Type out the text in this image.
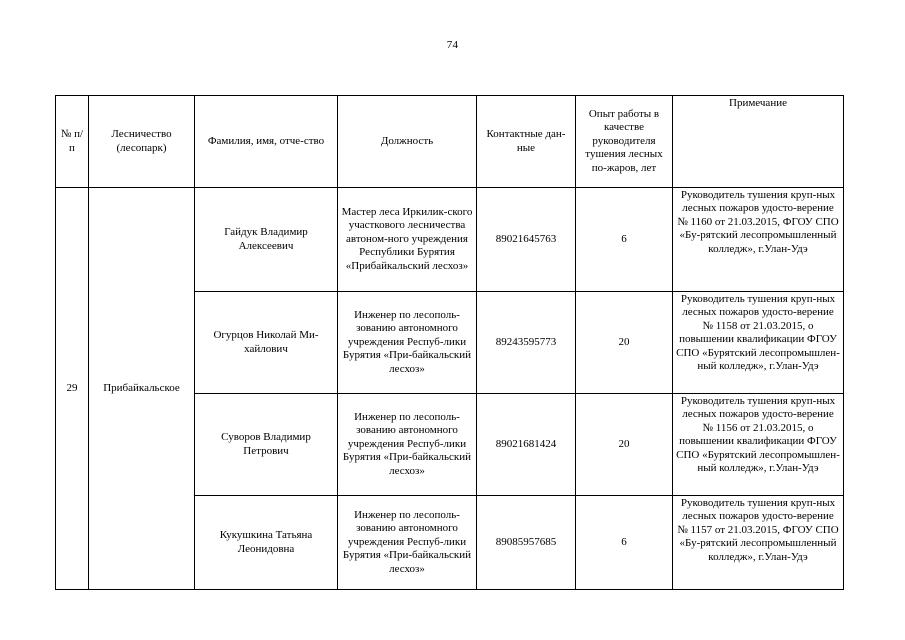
74
№ п/п	Лесничество (лесопарк)	Фамилия, имя, отче-ство	Должность	Контактные дан-ные	Опыт работы в качестве руководителя тушения лесных по-жаров, лет	Примечание
29	Прибайкальское	Гайдук Владимир Алексеевич	Мастер леса Иркилик-ского участкового лесничества автоном-ного учреждения Республики Бурятия «Прибайкальский лесхоз»	89021645763	6	Руководитель тушения круп-ных лесных пожаров удосто-верение № 1160 от 21.03.2015, ФГОУ СПО «Бу-рятский лесопромышленный колледж», г.Улан-Удэ
		Огурцов Николай Ми-хайлович	Инженер по лесополь-зованию автономного учреждения Респуб-лики Бурятия «При-байкальский лесхоз»	89243595773	20	Руководитель тушения круп-ных лесных пожаров удосто-верение № 1158 от 21.03.2015, о повышении квалификации ФГОУ СПО «Бурятский лесопромышлен-ный колледж», г.Улан-Удэ
		Суворов Владимир Петрович	Инженер по лесополь-зованию автономного учреждения Респуб-лики Бурятия «При-байкальский лесхоз»	89021681424	20	Руководитель тушения круп-ных лесных пожаров удосто-верение № 1156 от 21.03.2015, о повышении квалификации ФГОУ СПО «Бурятский лесопромышлен-ный колледж», г.Улан-Удэ
		Кукушкина Татьяна Леонидовна	Инженер по лесополь-зованию автономного учреждения Респуб-лики Бурятия «При-байкальский лесхоз»	89085957685	6	Руководитель тушения круп-ных лесных пожаров удосто-верение № 1157 от 21.03.2015, ФГОУ СПО «Бу-рятский лесопромышленный колледж», г.Улан-Удэ
